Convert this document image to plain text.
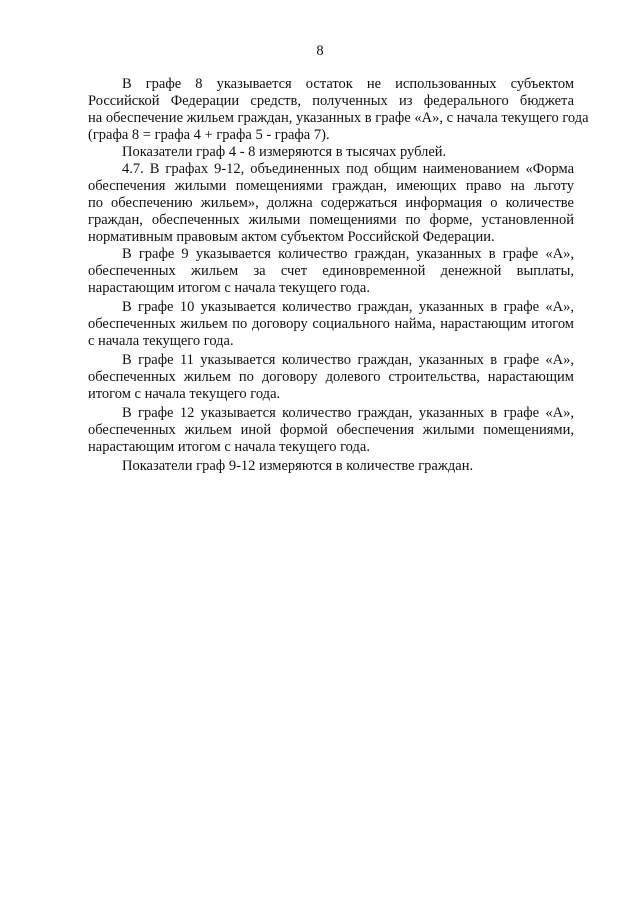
8
В графе 8 указывается остаток не использованных субъектом
Российской Федерации средств, полученных из федерального бюджета
на обеспечение жильем граждан, указанных в графе «А», с начала текущего года
(графа 8 = графа 4 + графа 5 - графа 7).
Показатели граф 4 - 8 измеряются в тысячах рублей.
4.7. В графах 9-12, объединенных под общим наименованием «Форма
обеспечения жилыми помещениями граждан, имеющих право на льготу
по обеспечению жильем», должна содержаться информация о количестве
граждан, обеспеченных жилыми помещениями по форме, установленной
нормативным правовым актом субъектом Российской Федерации.
В графе 9 указывается количество граждан, указанных в графе «А»,
обеспеченных жильем за счет единовременной денежной выплаты,
нарастающим итогом с начала текущего года.
В графе 10 указывается количество граждан, указанных в графе «А»,
обеспеченных жильем по договору социального найма, нарастающим итогом
с начала текущего года.
В графе 11 указывается количество граждан, указанных в графе «А»,
обеспеченных жильем по договору долевого строительства, нарастающим
итогом с начала текущего года.
В графе 12 указывается количество граждан, указанных в графе «А»,
обеспеченных жильем иной формой обеспечения жилыми помещениями,
нарастающим итогом с начала текущего года.
Показатели граф 9-12 измеряются в количестве граждан.
